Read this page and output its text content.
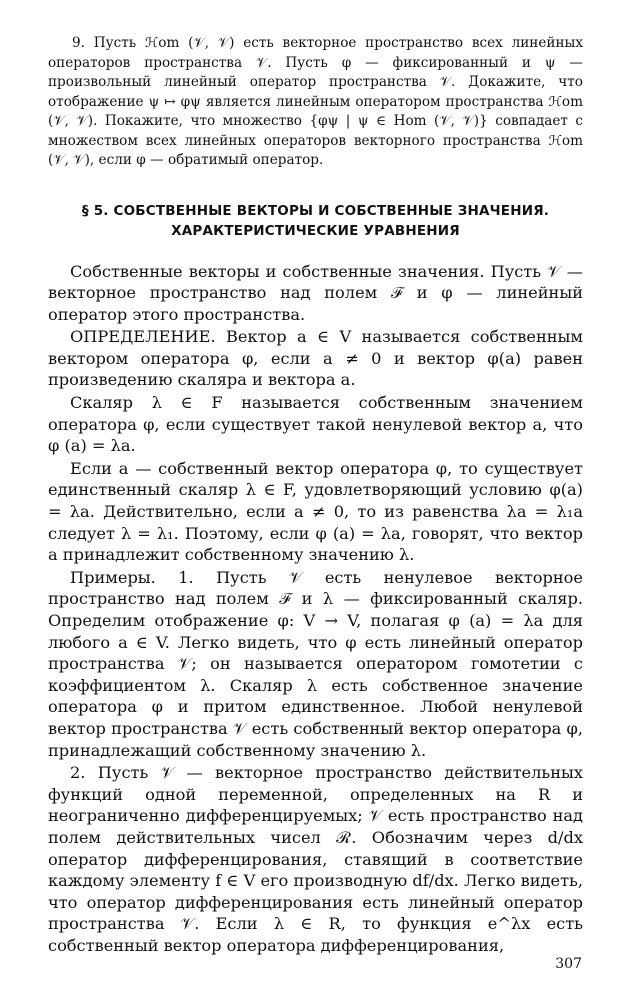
9. Пусть ℋom (𝒱, 𝒱) есть векторное пространство всех линейных операторов пространства 𝒱. Пусть φ — фиксированный и ψ — произвольный линейный оператор пространства 𝒱. Докажите, что отображение ψ ↦ φψ является линейным оператором пространства ℋom (𝒱, 𝒱). Покажите, что множество {φψ | ψ ∈ Hom (𝒱, 𝒱)} совпадает с множеством всех линейных операторов векторного пространства ℋom (𝒱, 𝒱), если φ — обратимый оператор.

§ 5. СОБСТВЕННЫЕ ВЕКТОРЫ И СОБСТВЕННЫЕ ЗНАЧЕНИЯ.
ХАРАКТЕРИСТИЧЕСКИЕ УРАВНЕНИЯ

Собственные векторы и собственные значения. Пусть 𝒱 — векторное пространство над полем ℱ и φ — линейный оператор этого пространства.

ОПРЕДЕЛЕНИЕ. Вектор a ∈ V называется собственным вектором оператора φ, если a ≠ 0 и вектор φ(a) равен произведению скаляра и вектора a.

Скаляр λ ∈ F называется собственным значением оператора φ, если существует такой ненулевой вектор a, что φ (a) = λa.

Если a — собственный вектор оператора φ, то существует единственный скаляр λ ∈ F, удовлетворяющий условию φ(a) = λa. Действительно, если a ≠ 0, то из равенства λa = λ₁a следует λ = λ₁. Поэтому, если φ (a) = λa, говорят, что вектор a принадлежит собственному значению λ.

Примеры. 1. Пусть 𝒱 есть ненулевое векторное пространство над полем ℱ и λ — фиксированный скаляр. Определим отображение φ: V → V, полагая φ (a) = λa для любого a ∈ V. Легко видеть, что φ есть линейный оператор пространства 𝒱; он называется оператором гомотетии с коэффициентом λ. Скаляр λ есть собственное значение оператора φ и притом единственное. Любой ненулевой вектор пространства 𝒱 есть собственный вектор оператора φ, принадлежащий собственному значению λ.

2. Пусть 𝒱 — векторное пространство действительных функций одной переменной, определенных на R и неограниченно дифференцируемых; 𝒱 есть пространство над полем действительных чисел ℛ. Обозначим через d/dx оператор дифференцирования, ставящий в соответствие каждому элементу f ∈ V его производную df/dx. Легко видеть, что оператор дифференцирования есть линейный оператор пространства 𝒱. Если λ ∈ R, то функция e^λx есть собственный вектор оператора дифференцирования,

307
